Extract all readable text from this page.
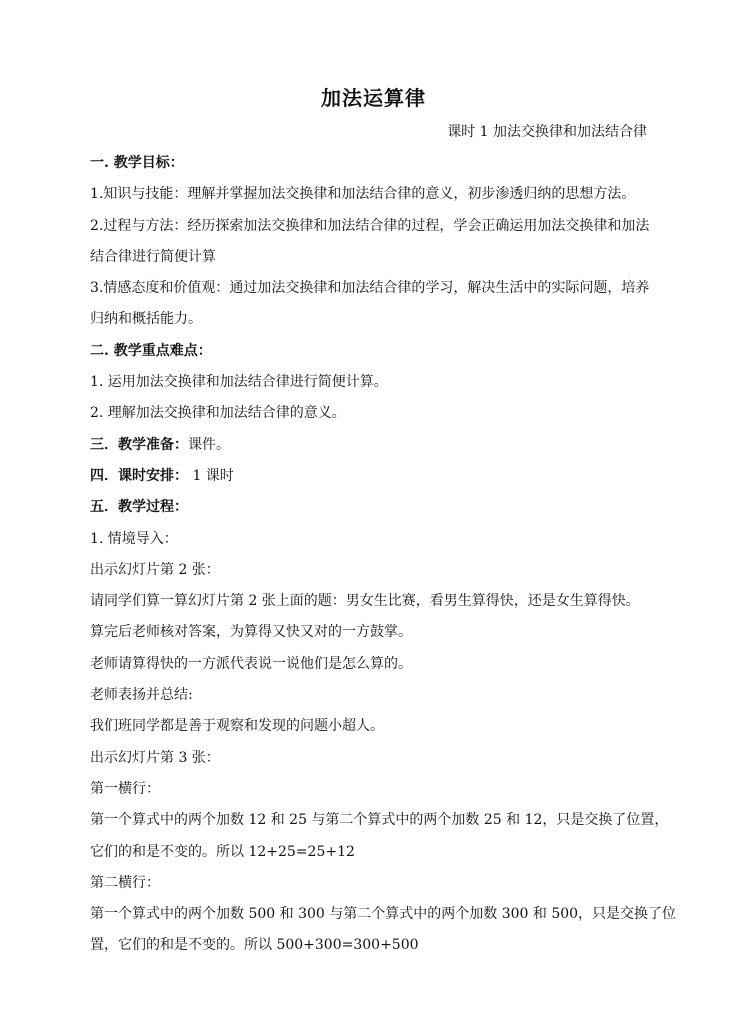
加法运算律
课时 1 加法交换律和加法结合律
一. 教学目标：
1.知识与技能：理解并掌握加法交换律和加法结合律的意义，初步渗透归纳的思想方法。
2.过程与方法：经历探索加法交换律和加法结合律的过程，学会正确运用加法交换律和加法
结合律进行简便计算
3.情感态度和价值观：通过加法交换律和加法结合律的学习，解决生活中的实际问题，培养
归纳和概括能力。
二. 教学重点难点：
1. 运用加法交换律和加法结合律进行简便计算。
2. 理解加法交换律和加法结合律的意义。
三．教学准备：课件。
四．课时安排： 1 课时
五．教学过程：
1. 情境导入：
出示幻灯片第 2 张：
请同学们算一算幻灯片第 2 张上面的题：男女生比赛，看男生算得快，还是女生算得快。
算完后老师核对答案，为算得又快又对的一方鼓掌。
老师请算得快的一方派代表说一说他们是怎么算的。
老师表扬并总结:
我们班同学都是善于观察和发现的问题小超人。
出示幻灯片第 3 张：
第一横行：
第一个算式中的两个加数 12 和 25 与第二个算式中的两个加数 25 和 12，只是交换了位置，
它们的和是不变的。所以 12+25=25+12
第二横行：
第一个算式中的两个加数 500 和 300 与第二个算式中的两个加数 300 和 500，只是交换了位
置，它们的和是不变的。所以 500+300=300+500
